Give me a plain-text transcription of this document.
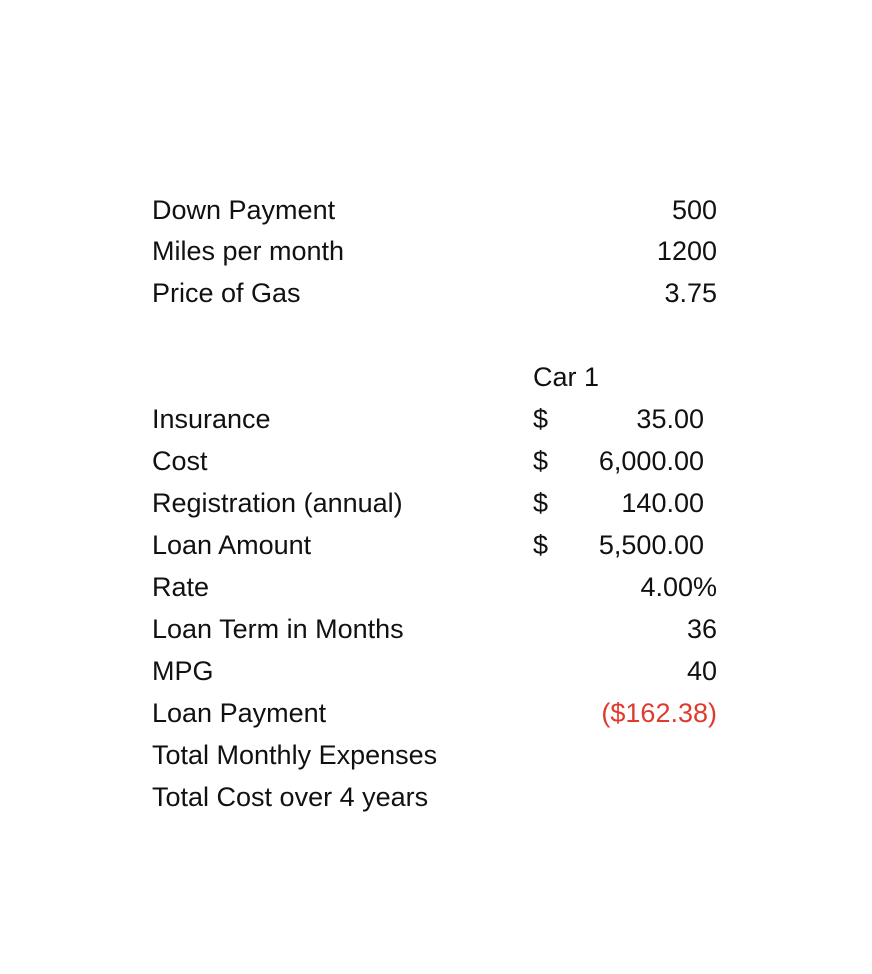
Down Payment	500
Miles per month	1200
Price of Gas	3.75
Car 1
Insurance	$	35.00
Cost	$ 6,000.00
Registration (annual)	$	140.00
Loan Amount	$ 5,500.00
Rate	4.00%
Loan Term in Months	36
MPG	40
Loan Payment	($162.38)
Total Monthly Expenses
Total Cost over 4 years
